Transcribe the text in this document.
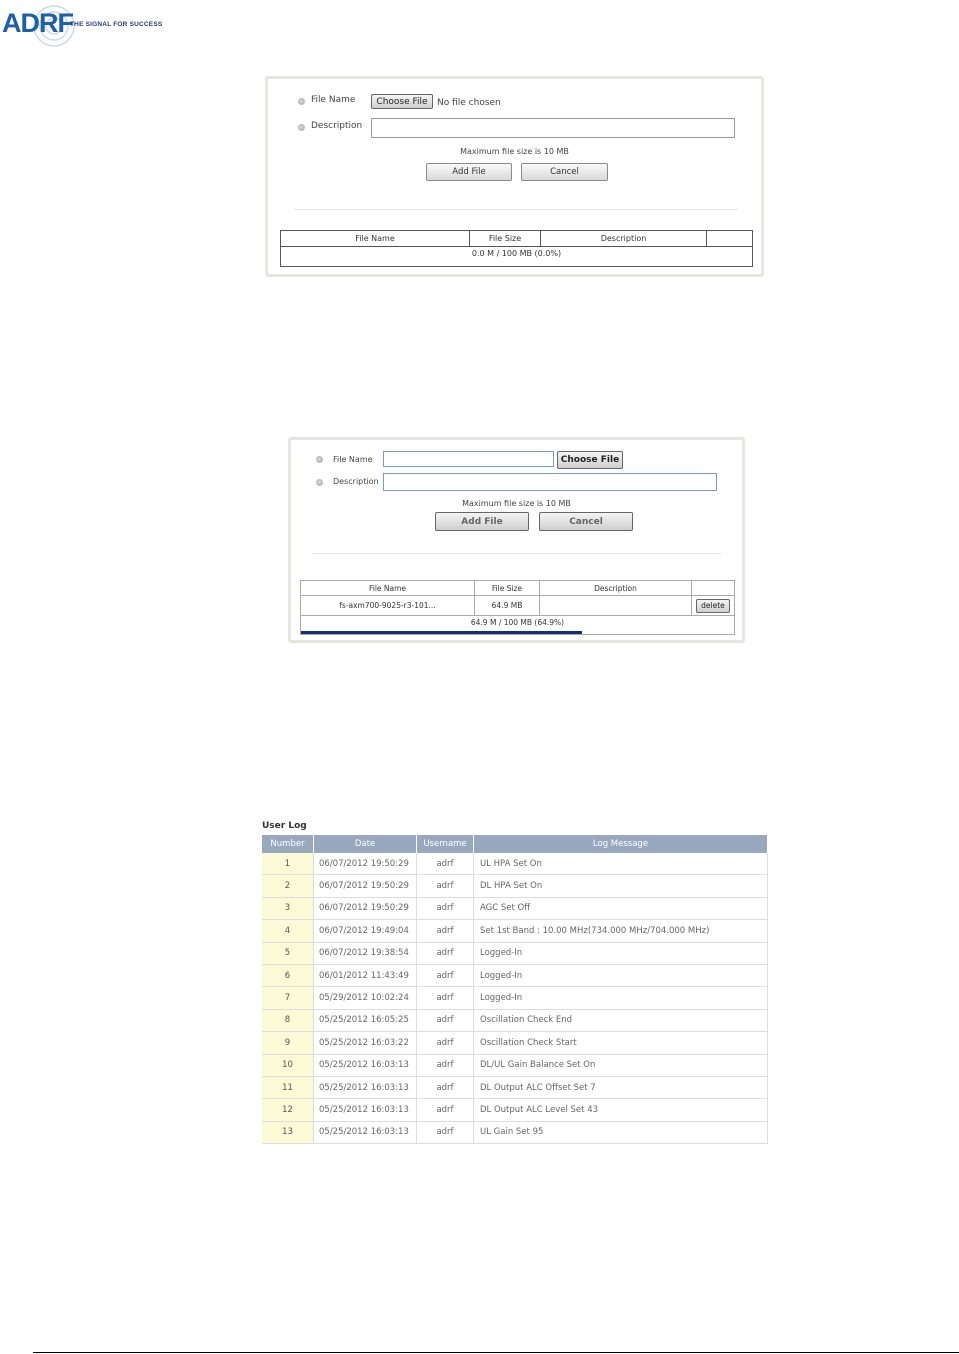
ADRF
THE SIGNAL FOR SUCCESS
File Name	Choose File	No file chosen
Description
Maximum file size is 10 MB
Add File	Cancel
File Name	File Size	Description	
0.0 M / 100 MB (0.0%)
File Name	Choose File
Description
Maximum file size is 10 MB
Add File	Cancel
File Name	File Size	Description	
fs-axm700-9025-r3-101...	64.9 MB		delete

64.9 M / 100 MB (64.9%)			
User Log
Number	Date	Username	Log Message
1	06/07/2012 19:50:29	adrf	UL HPA Set On
2	06/07/2012 19:50:29	adrf	DL HPA Set On
3	06/07/2012 19:50:29	adrf	AGC Set Off
4	06/07/2012 19:49:04	adrf	Set 1st Band : 10.00 MHz(734.000 MHz/704.000 MHz)
5	06/07/2012 19:38:54	adrf	Logged-In
6	06/01/2012 11:43:49	adrf	Logged-In
7	05/29/2012 10:02:24	adrf	Logged-In
8	05/25/2012 16:05:25	adrf	Oscillation Check End
9	05/25/2012 16:03:22	adrf	Oscillation Check Start
10	05/25/2012 16:03:13	adrf	DL/UL Gain Balance Set On
11	05/25/2012 16:03:13	adrf	DL Output ALC Offset Set 7
12	05/25/2012 16:03:13	adrf	DL Output ALC Level Set 43
13	05/25/2012 16:03:13	adrf	UL Gain Set 95
